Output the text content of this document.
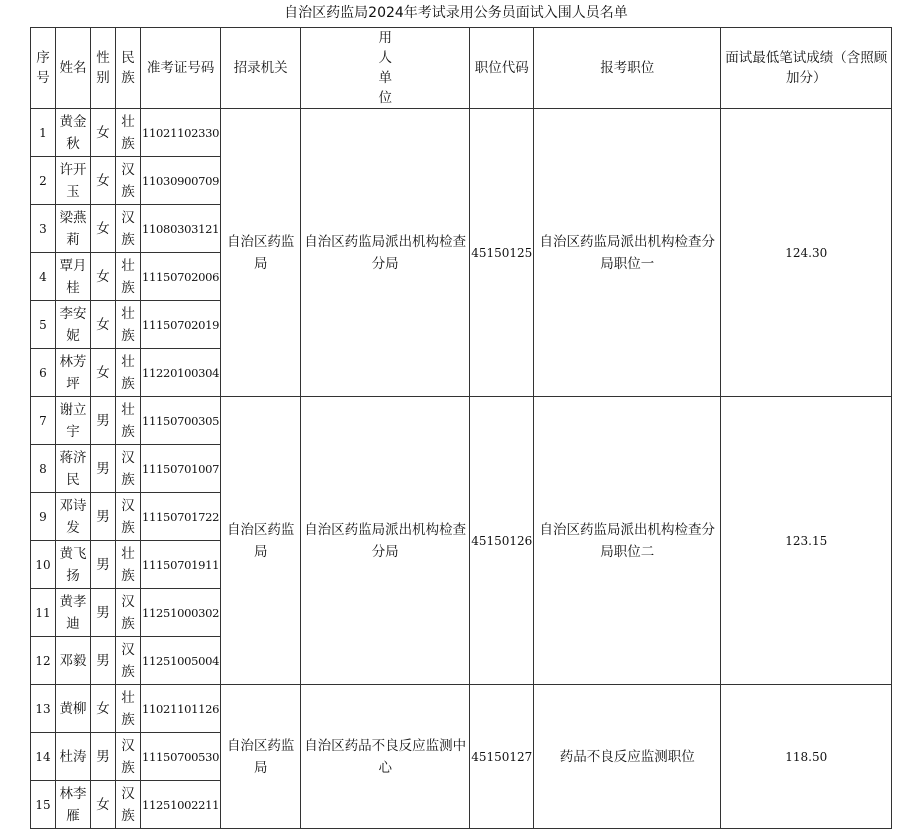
自治区药监局2024年考试录用公务员面试入围人员名单
序号	姓名	性别	民族	准考证号码	招录机关	用人单位	职位代码	报考职位	面试最低笔试成绩（含照顾加分）
1	黄金秋	女	壮族	11021102330	自治区药监局	自治区药监局派出机构检查分局	45150125	自治区药监局派出机构检查分局职位一	124.30
2	许开玉	女	汉族	11030900709					
3	梁燕莉	女	汉族	11080303121					
4	覃月桂	女	壮族	11150702006					
5	李安妮	女	壮族	11150702019					
6	林芳坪	女	壮族	11220100304					
7	谢立宇	男	壮族	11150700305	自治区药监局	自治区药监局派出机构检查分局	45150126	自治区药监局派出机构检查分局职位二	123.15
8	蒋济民	男	汉族	11150701007					
9	邓诗发	男	汉族	11150701722					
10	黄飞扬	男	壮族	11150701911					
11	黄孝迪	男	汉族	11251000302					
12	邓毅	男	汉族	11251005004					
13	黄柳	女	壮族	11021101126	自治区药监局	自治区药品不良反应监测中心	45150127	药品不良反应监测职位	118.50
14	杜涛	男	汉族	11150700530					
15	林李雁	女	汉族	11251002211					
